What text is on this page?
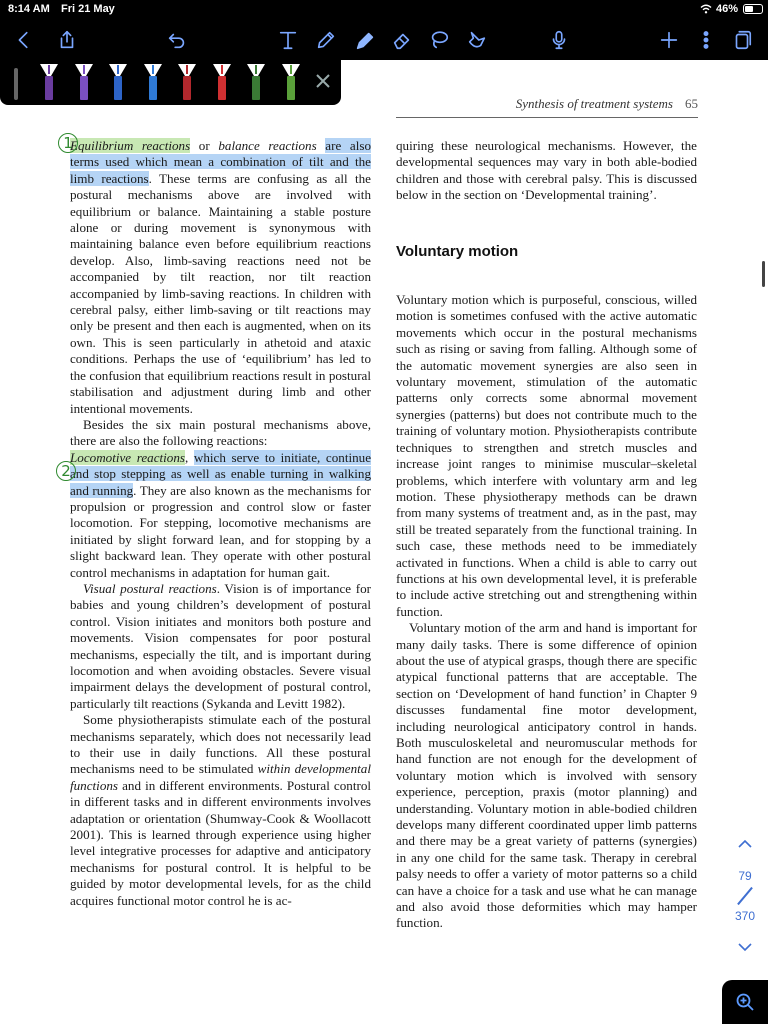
8:14 AM Fri 21 May	46%
Synthesis of treatment systems 65

Equilibrium reactions or balance reactions are also terms used which mean a combination of tilt and the limb reactions. These terms are confusing as all the postural mechanisms above are involved with equilibrium or balance. Maintaining a stable posture alone or during movement is synonymous with maintaining balance even before equilibrium reactions develop. Also, limb-saving reactions need not be accompanied by tilt reaction, nor tilt reaction accompanied by limb-saving reactions. In children with cerebral palsy, either limb-saving or tilt reactions may only be present and then each is augmented, when on its own. This is seen particularly in athetoid and ataxic conditions. Perhaps the use of ‘equilibrium’ has led to the confusion that equilibrium reactions result in postural stabilisation and adjustment during limb and other intentional movements.

Besides the six main postural mechanisms above, there are also the following reactions:

Locomotive reactions, which serve to initiate, continue and stop stepping as well as enable turning in walking and running. They are also known as the mechanisms for propulsion or progression and control slow or faster locomotion. For stepping, locomotive mechanisms are initiated by slight forward lean, and for stopping by a slight backward lean. They operate with other postural control mechanisms in adaptation for human gait.

Visual postural reactions. Vision is of importance for babies and young children’s development of postural control. Vision initiates and monitors both posture and movements. Vision compensates for poor postural mechanisms, especially the tilt, and is important during locomotion and when avoiding obstacles. Severe visual impairment delays the development of postural control, particularly tilt reactions (Sykanda and Levitt 1982).

Some physiotherapists stimulate each of the postural mechanisms separately, which does not necessarily lead to their use in daily functions. All these postural mechanisms need to be stimulated within developmental functions and in different environments. Postural control in different tasks and in different environments involves adaptation or orientation (Shumway-Cook & Woollacott 2001). This is learned through experience using higher level integrative processes for adaptive and anticipatory mechanisms for postural control. It is helpful to be guided by motor developmental levels, for as the child acquires functional motor control he is ac-

1
2

quiring these neurological mechanisms. However, the developmental sequences may vary in both able-bodied children and those with cerebral palsy. This is discussed below in the section on ‘Developmental training’.

Voluntary motion

Voluntary motion which is purposeful, conscious, willed motion is sometimes confused with the active automatic movements which occur in the postural mechanisms such as rising or saving from falling. Although some of the automatic movement synergies are also seen in voluntary movement, stimulation of the automatic patterns only corrects some abnormal movement synergies (patterns) but does not contribute much to the training of voluntary motion. Physiotherapists contribute techniques to strengthen and stretch muscles and increase joint ranges to minimise muscular–skeletal problems, which interfere with voluntary arm and leg motion. These physiotherapy methods can be drawn from many systems of treatment and, as in the past, may still be treated separately from the functional training. In such case, these methods need to be immediately activated in functions. When a child is able to carry out functions at his own developmental level, it is preferable to include active stretching out and strengthening within function.

Voluntary motion of the arm and hand is important for many daily tasks. There is some difference of opinion about the use of atypical grasps, though there are specific atypical functional patterns that are acceptable. The section on ‘Development of hand function’ in Chapter 9 discusses fundamental fine motor development, including neurological anticipatory control in hands. Both musculoskeletal and neuromuscular methods for hand function are not enough for the development of voluntary motion which is involved with sensory experience, perception, praxis (motor planning) and understanding. Voluntary motion in able-bodied children develops many different coordinated upper limb patterns and there may be a great variety of patterns (synergies) in any one child for the same task. Therapy in cerebral palsy needs to offer a variety of motor patterns so a child can have a choice for a task and use what he can manage and also avoid those deformities which may hamper function.

79
370
